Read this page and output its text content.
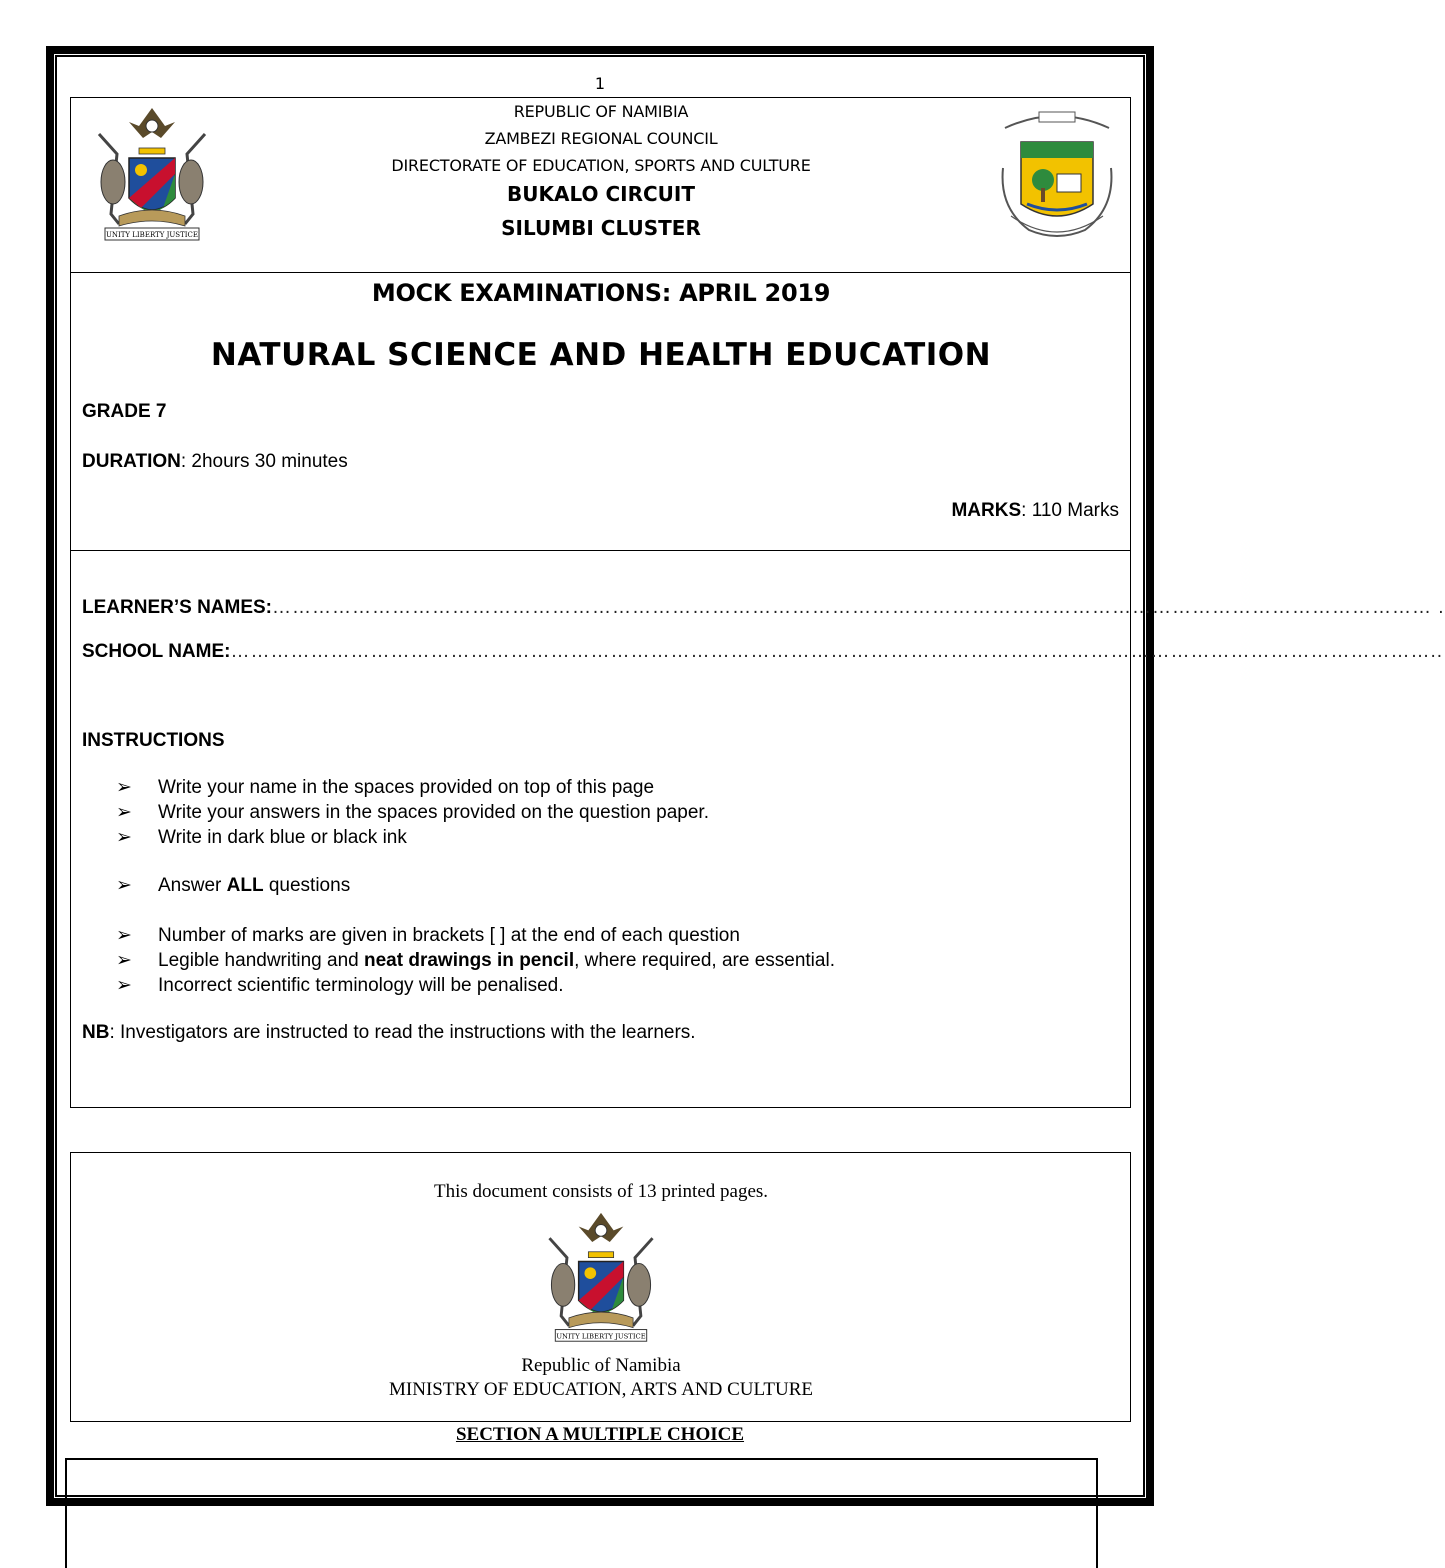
1
UNITY LIBERTY JUSTICE
REPUBLIC OF NAMIBIA
ZAMBEZI REGIONAL COUNCIL
DIRECTORATE OF EDUCATION, SPORTS AND CULTURE
BUKALO CIRCUIT
SILUMBI CLUSTER
MOCK EXAMINATIONS: APRIL 2019
NATURAL SCIENCE AND HEALTH EDUCATION
GRADE 7
DURATION: 2hours 30 minutes
MARKS: 110 Marks
LEARNER’S NAMES:………………………………………………………………………………………………………………………………………………………… .
SCHOOL NAME:………………………………………………………………………………………………………………………………………………………………..
INSTRUCTIONS
➢ Write your name in the spaces provided on top of this page
➢ Write your answers in the spaces provided on the question paper.
➢ Write in dark blue or black ink
➢ Answer ALL questions
➢ Number of marks are given in brackets [ ] at the end of each question
➢ Legible handwriting and neat drawings in pencil, where required, are essential.
➢ Incorrect scientific terminology will be penalised.
NB: Investigators are instructed to read the instructions with the learners.
This document consists of 13 printed pages.
UNITY LIBERTY JUSTICE
Republic of Namibia
MINISTRY OF EDUCATION, ARTS AND CULTURE
SECTION A MULTIPLE CHOICE
